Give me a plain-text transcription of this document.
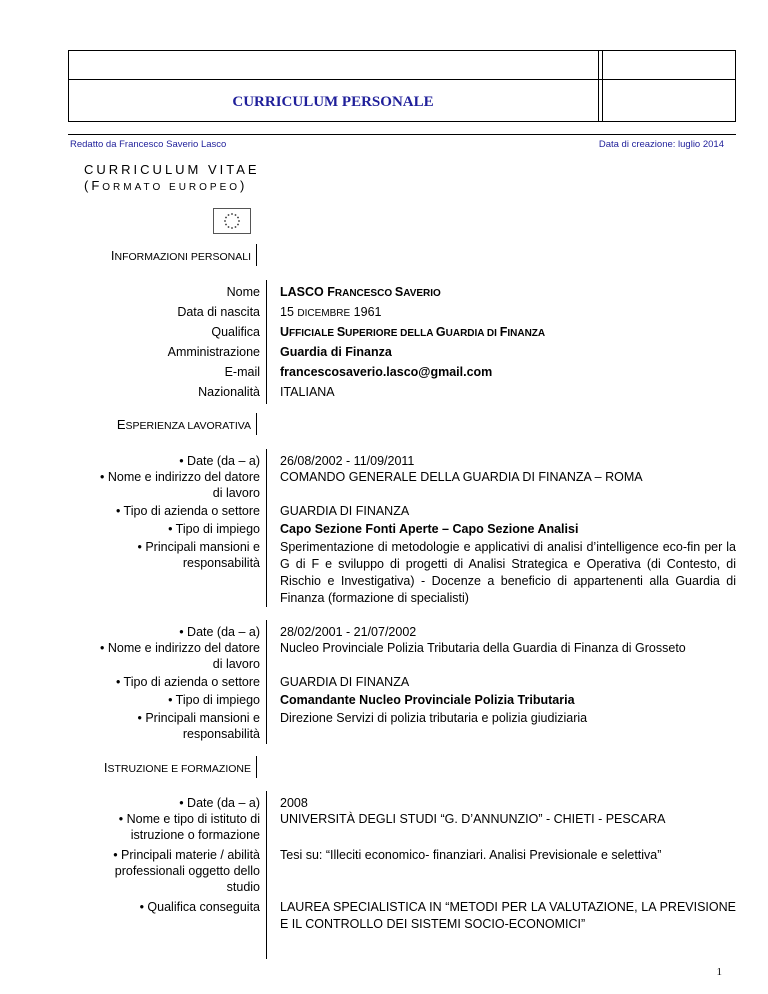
CURRICULUM PERSONALE
Redatto da Francesco Saverio Lasco	Data di creazione: luglio 2014
CURRICULUM VITAE
(FORMATO EUROPEO)
INFORMAZIONI PERSONALI
Nome
Data di nascita
Qualifica
Amministrazione
E-mail
Nazionalità
LASCO FRANCESCO SAVERIO
15 DICEMBRE 1961
UFFICIALE SUPERIORE DELLA GUARDIA DI FINANZA
Guardia di Finanza
francescosaverio.lasco@gmail.com
ITALIANA
ESPERIENZA LAVORATIVA
• Date (da – a)
• Nome e indirizzo del datore
di lavoro
• Tipo di azienda o settore
• Tipo di impiego
• Principali mansioni e
responsabilità
26/08/2002 - 11/09/2011
COMANDO GENERALE DELLA GUARDIA DI FINANZA – ROMA
GUARDIA DI FINANZA
Capo Sezione Fonti Aperte – Capo Sezione Analisi
Sperimentazione di metodologie e applicativi di analisi d’intelligence eco-fin per la G di F e sviluppo di progetti di Analisi Strategica e Operativa (di Contesto, di Rischio e Investigativa) - Docenze a beneficio di appartenenti alla Guardia di Finanza (formazione di specialisti)
• Date (da – a)
• Nome e indirizzo del datore
di lavoro
• Tipo di azienda o settore
• Tipo di impiego
• Principali mansioni e
responsabilità
28/02/2001 - 21/07/2002
Nucleo Provinciale Polizia Tributaria della Guardia di Finanza di Grosseto
GUARDIA DI FINANZA
Comandante Nucleo Provinciale Polizia Tributaria
Direzione Servizi di polizia tributaria e polizia giudiziaria
ISTRUZIONE E FORMAZIONE
• Date (da – a)
• Nome e tipo di istituto di
istruzione o formazione
• Principali materie / abilità
professionali oggetto dello
studio
• Qualifica conseguita
2008
UNIVERSITÀ DEGLI STUDI “G. D’ANNUNZIO” - CHIETI - PESCARA
Tesi su: “Illeciti economico- finanziari. Analisi Previsionale e selettiva”
LAUREA SPECIALISTICA IN “METODI PER LA VALUTAZIONE, LA PREVISIONE E IL CONTROLLO DEI SISTEMI SOCIO-ECONOMICI”
1
